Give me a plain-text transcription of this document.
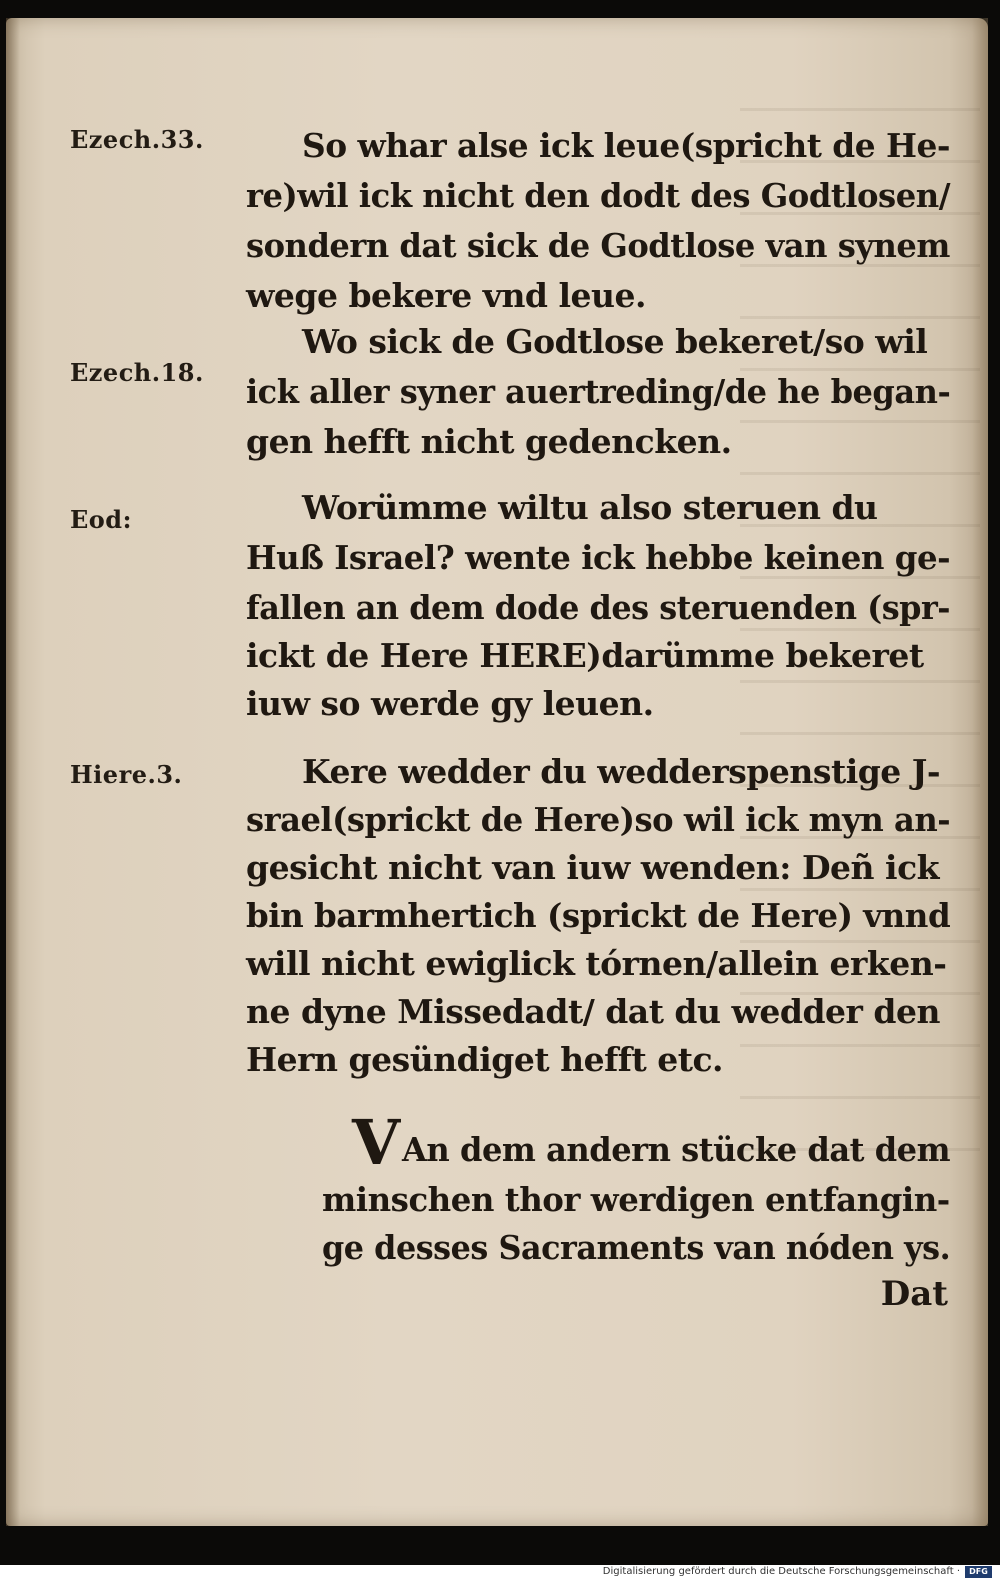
Ezech.33.
Ezech.18.
Eod:
Hiere.3.
So whar alse ick leue(spricht de He-
re)wil ick nicht den dodt des Godtlosen/
sondern dat sick de Godtlose van synem
wege bekere vnd leue.
Wo sick de Godtlose bekeret/so wil
ick aller syner auertreding/de he began-
gen hefft nicht gedencken.
Worümme wiltu also steruen du
Huß Israel? wente ick hebbe keinen ge-
fallen an dem dode des steruenden (spr-
ickt de Here HERE)darümme bekeret
iuw so werde gy leuen.
Kere wedder du wedderspenstige J-
srael(sprickt de Here)so wil ick myn an-
gesicht nicht van iuw wenden: Deñ ick
bin barmhertich (sprickt de Here) vnnd
will nicht ewiglick tórnen/allein erken-
ne dyne Missedadt/ dat du wedder den
Hern gesündiget hefft etc.
V An dem andern stücke dat dem
minschen thor werdigen entfangin-
ge desses Sacraments van nóden ys.
Dat
Digitalisierung gefördert durch die Deutsche Forschungsgemeinschaft ·	DFG
